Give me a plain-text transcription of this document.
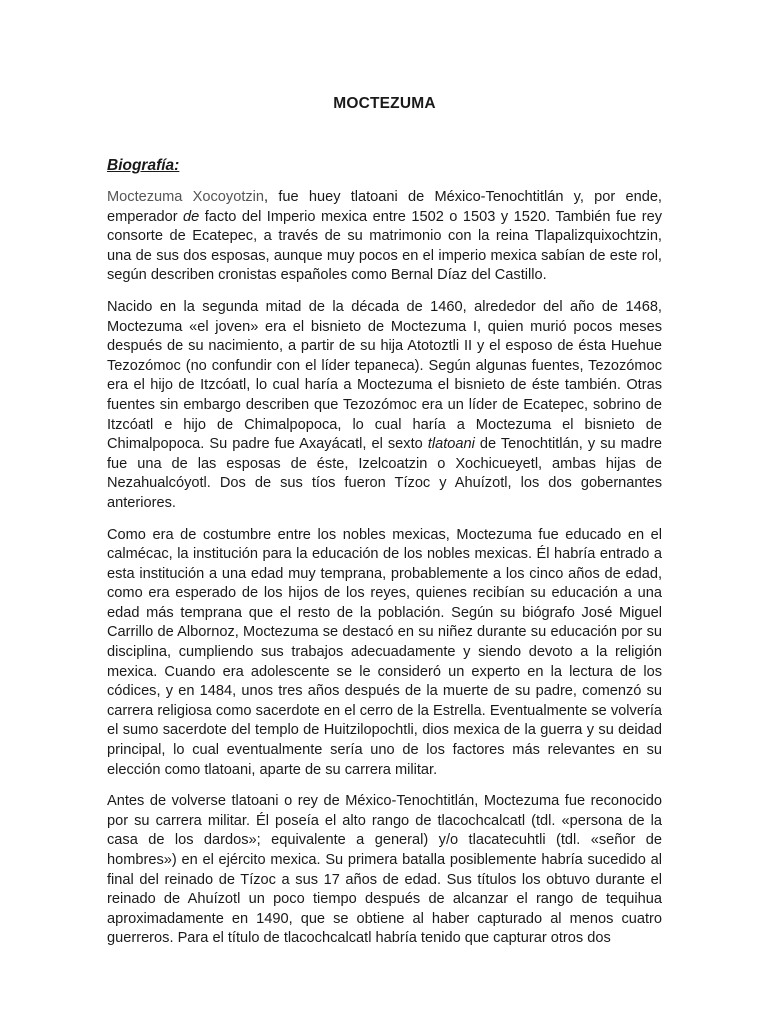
MOCTEZUMA
Biografía:

Moctezuma Xocoyotzin, fue huey tlatoani de México-Tenochtitlán y, por ende, emperador de facto del Imperio mexica entre 1502 o 1503 y 1520. También fue rey consorte de Ecatepec, a través de su matrimonio con la reina Tlapalizquixochtzin, una de sus dos esposas, aunque muy pocos en el imperio mexica sabían de este rol, según describen cronistas españoles como Bernal Díaz del Castillo.

Nacido en la segunda mitad de la década de 1460, alrededor del año de 1468, Moctezuma «el joven» era el bisnieto de Moctezuma I, quien murió pocos meses después de su nacimiento, a partir de su hija Atotoztli II y el esposo de ésta Huehue Tezozómoc (no confundir con el líder tepaneca). Según algunas fuentes, Tezozómoc era el hijo de Itzcóatl, lo cual haría a Moctezuma el bisnieto de éste también. Otras fuentes sin embargo describen que Tezozómoc era un líder de Ecatepec, sobrino de Itzcóatl e hijo de Chimalpopoca, lo cual haría a Moctezuma el bisnieto de Chimalpopoca. Su padre fue Axayácatl, el sexto tlatoani de Tenochtitlán, y su madre fue una de las esposas de éste, Izelcoatzin o Xochicueyetl, ambas hijas de Nezahualcóyotl. Dos de sus tíos fueron Tízoc y Ahuízotl, los dos gobernantes anteriores.

Como era de costumbre entre los nobles mexicas, Moctezuma fue educado en el calmécac, la institución para la educación de los nobles mexicas. Él habría entrado a esta institución a una edad muy temprana, probablemente a los cinco años de edad, como era esperado de los hijos de los reyes, quienes recibían su educación a una edad más temprana que el resto de la población. Según su biógrafo José Miguel Carrillo de Albornoz, Moctezuma se destacó en su niñez durante su educación por su disciplina, cumpliendo sus trabajos adecuadamente y siendo devoto a la religión mexica. Cuando era adolescente se le consideró un experto en la lectura de los códices, y en 1484, unos tres años después de la muerte de su padre, comenzó su carrera religiosa como sacerdote en el cerro de la Estrella. Eventualmente se volvería el sumo sacerdote del templo de Huitzilopochtli, dios mexica de la guerra y su deidad principal, lo cual eventualmente sería uno de los factores más relevantes en su elección como tlatoani, aparte de su carrera militar.

Antes de volverse tlatoani o rey de México-Tenochtitlán, Moctezuma fue reconocido por su carrera militar. Él poseía el alto rango de tlacochcalcatl (tdl. «persona de la casa de los dardos»; equivalente a general) y/o tlacatecuhtli (tdl. «señor de hombres») en el ejército mexica. Su primera batalla posiblemente habría sucedido al final del reinado de Tízoc a sus 17 años de edad. Sus títulos los obtuvo durante el reinado de Ahuízotl un poco tiempo después de alcanzar el rango de tequihua aproximadamente en 1490, que se obtiene al haber capturado al menos cuatro guerreros. Para el título de tlacochcalcatl habría tenido que capturar otros dos
